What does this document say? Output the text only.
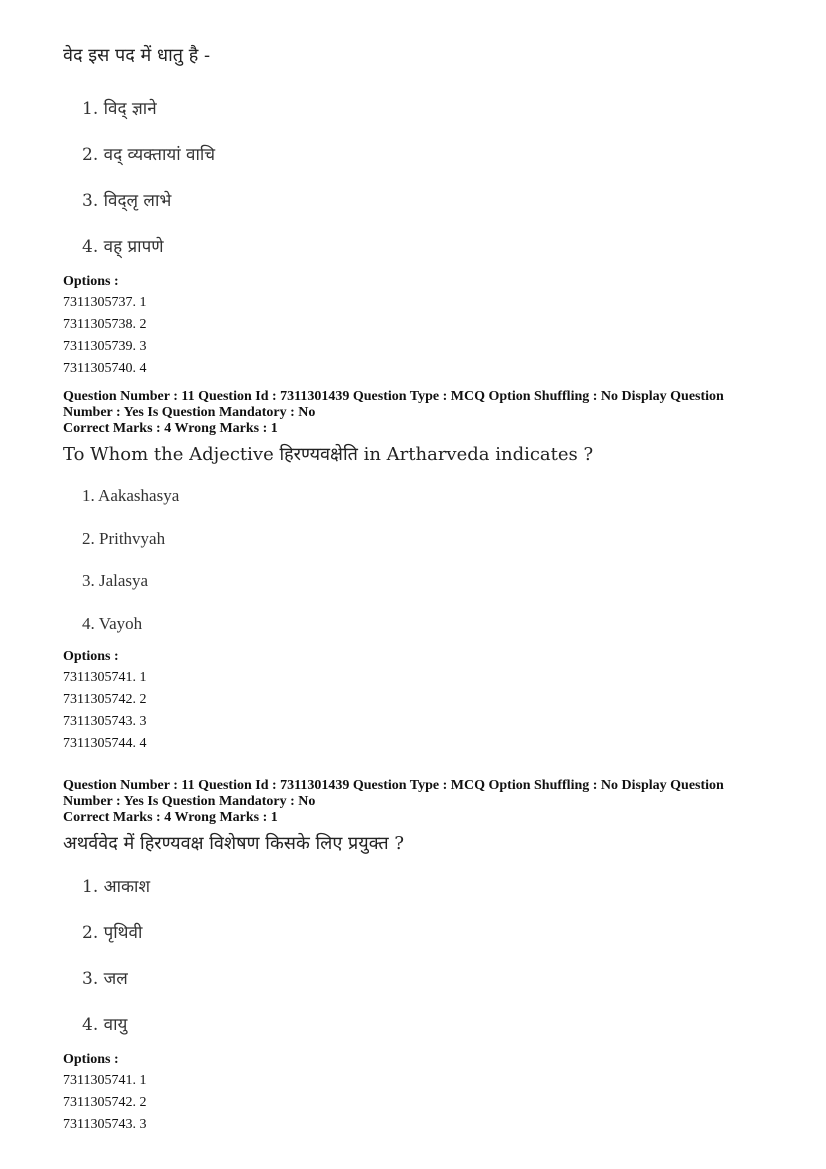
वेद इस पद में धातु है -

1. विद् ज्ञाने
2. वद् व्यक्तायां वाचि
3. विद्लृ लाभे
4. वह् प्रापणे
Options :
7311305737. 1
7311305738. 2
7311305739. 3
7311305740. 4

Question Number : 11 Question Id : 7311301439 Question Type : MCQ Option Shuffling : No Display Question

Number : Yes Is Question Mandatory : No

Correct Marks : 4 Wrong Marks : 1

To Whom the Adjective हिरण्यवक्षेति in Artharveda indicates ?

1. Aakashasya
2. Prithvyah
3. Jalasya
4. Vayoh
Options :
7311305741. 1
7311305742. 2
7311305743. 3
7311305744. 4

Question Number : 11 Question Id : 7311301439 Question Type : MCQ Option Shuffling : No Display Question

Number : Yes Is Question Mandatory : No

Correct Marks : 4 Wrong Marks : 1

अथर्ववेद में हिरण्यवक्ष विशेषण किसके लिए प्रयुक्त ?

1. आकाश
2. पृथिवी
3. जल
4. वायु
Options :
7311305741. 1
7311305742. 2
7311305743. 3
